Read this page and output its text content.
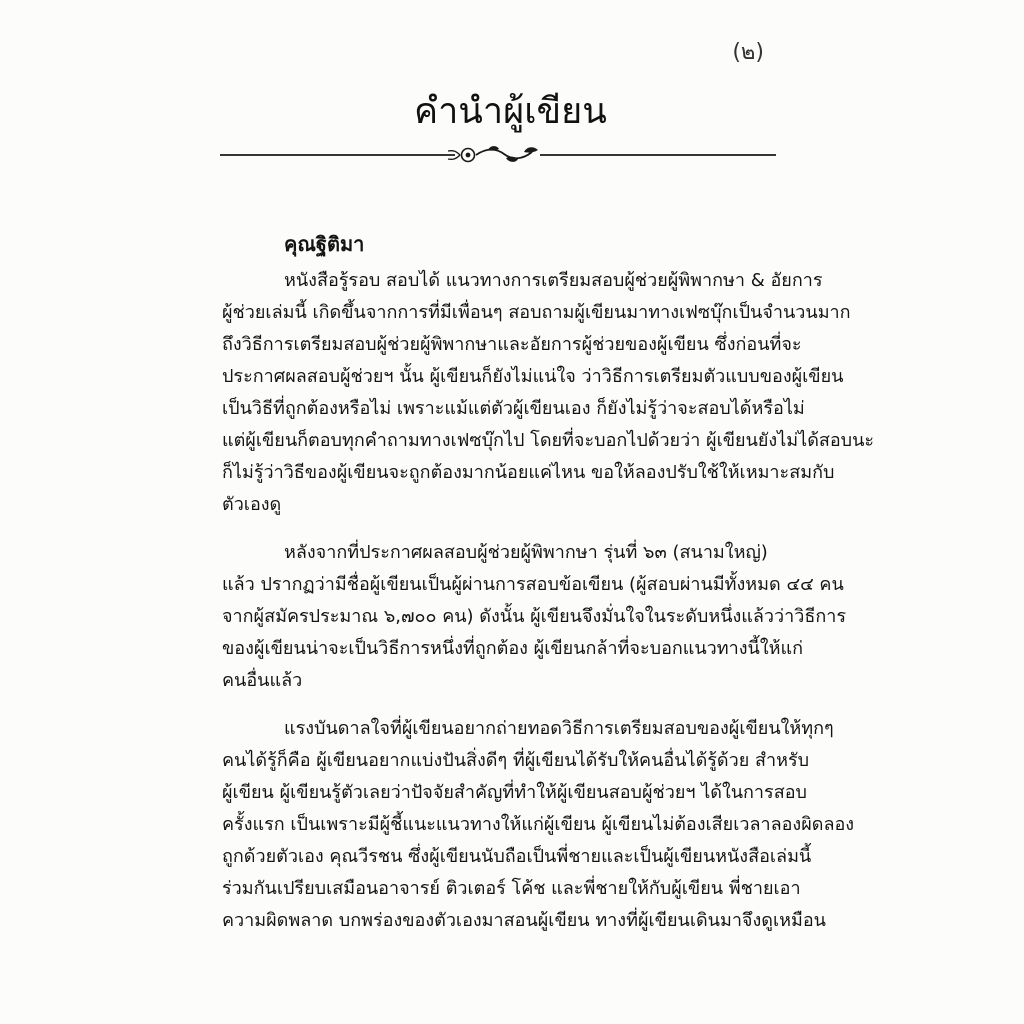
(๒)
คำนำผู้เขียน
คุณฐิติมา
หนังสือรู้รอบ สอบได้ แนวทางการเตรียมสอบผู้ช่วยผู้พิพากษา & อัยการ
ผู้ช่วยเล่มนี้ เกิดขึ้นจากการที่มีเพื่อนๆ สอบถามผู้เขียนมาทางเฟซบุ๊กเป็นจำนวนมาก
ถึงวิธีการเตรียมสอบผู้ช่วยผู้พิพากษาและอัยการผู้ช่วยของผู้เขียน ซึ่งก่อนที่จะ
ประกาศผลสอบผู้ช่วยฯ นั้น ผู้เขียนก็ยังไม่แน่ใจ ว่าวิธีการเตรียมตัวแบบของผู้เขียน
เป็นวิธีที่ถูกต้องหรือไม่ เพราะแม้แต่ตัวผู้เขียนเอง ก็ยังไม่รู้ว่าจะสอบได้หรือไม่
แต่ผู้เขียนก็ตอบทุกคำถามทางเฟซบุ๊กไป โดยที่จะบอกไปด้วยว่า ผู้เขียนยังไม่ได้สอบนะ
ก็ไม่รู้ว่าวิธีของผู้เขียนจะถูกต้องมากน้อยแค่ไหน ขอให้ลองปรับใช้ให้เหมาะสมกับ
ตัวเองดู
หลังจากที่ประกาศผลสอบผู้ช่วยผู้พิพากษา รุ่นที่ ๖๓ (สนามใหญ่)
แล้ว ปรากฏว่ามีชื่อผู้เขียนเป็นผู้ผ่านการสอบข้อเขียน (ผู้สอบผ่านมีทั้งหมด ๔๔ คน
จากผู้สมัครประมาณ ๖,๗๐๐ คน) ดังนั้น ผู้เขียนจึงมั่นใจในระดับหนึ่งแล้วว่าวิธีการ
ของผู้เขียนน่าจะเป็นวิธีการหนึ่งที่ถูกต้อง ผู้เขียนกล้าที่จะบอกแนวทางนี้ให้แก่
คนอื่นแล้ว
แรงบันดาลใจที่ผู้เขียนอยากถ่ายทอดวิธีการเตรียมสอบของผู้เขียนให้ทุกๆ
คนได้รู้ก็คือ ผู้เขียนอยากแบ่งปันสิ่งดีๆ ที่ผู้เขียนได้รับให้คนอื่นได้รู้ด้วย สำหรับ
ผู้เขียน ผู้เขียนรู้ตัวเลยว่าปัจจัยสำคัญที่ทำให้ผู้เขียนสอบผู้ช่วยฯ ได้ในการสอบ
ครั้งแรก เป็นเพราะมีผู้ชี้แนะแนวทางให้แก่ผู้เขียน ผู้เขียนไม่ต้องเสียเวลาลองผิดลอง
ถูกด้วยตัวเอง คุณวีรชน ซึ่งผู้เขียนนับถือเป็นพี่ชายและเป็นผู้เขียนหนังสือเล่มนี้
ร่วมกันเปรียบเสมือนอาจารย์ ติวเตอร์ โค้ช และพี่ชายให้กับผู้เขียน พี่ชายเอา
ความผิดพลาด บกพร่องของตัวเองมาสอนผู้เขียน ทางที่ผู้เขียนเดินมาจึงดูเหมือน
